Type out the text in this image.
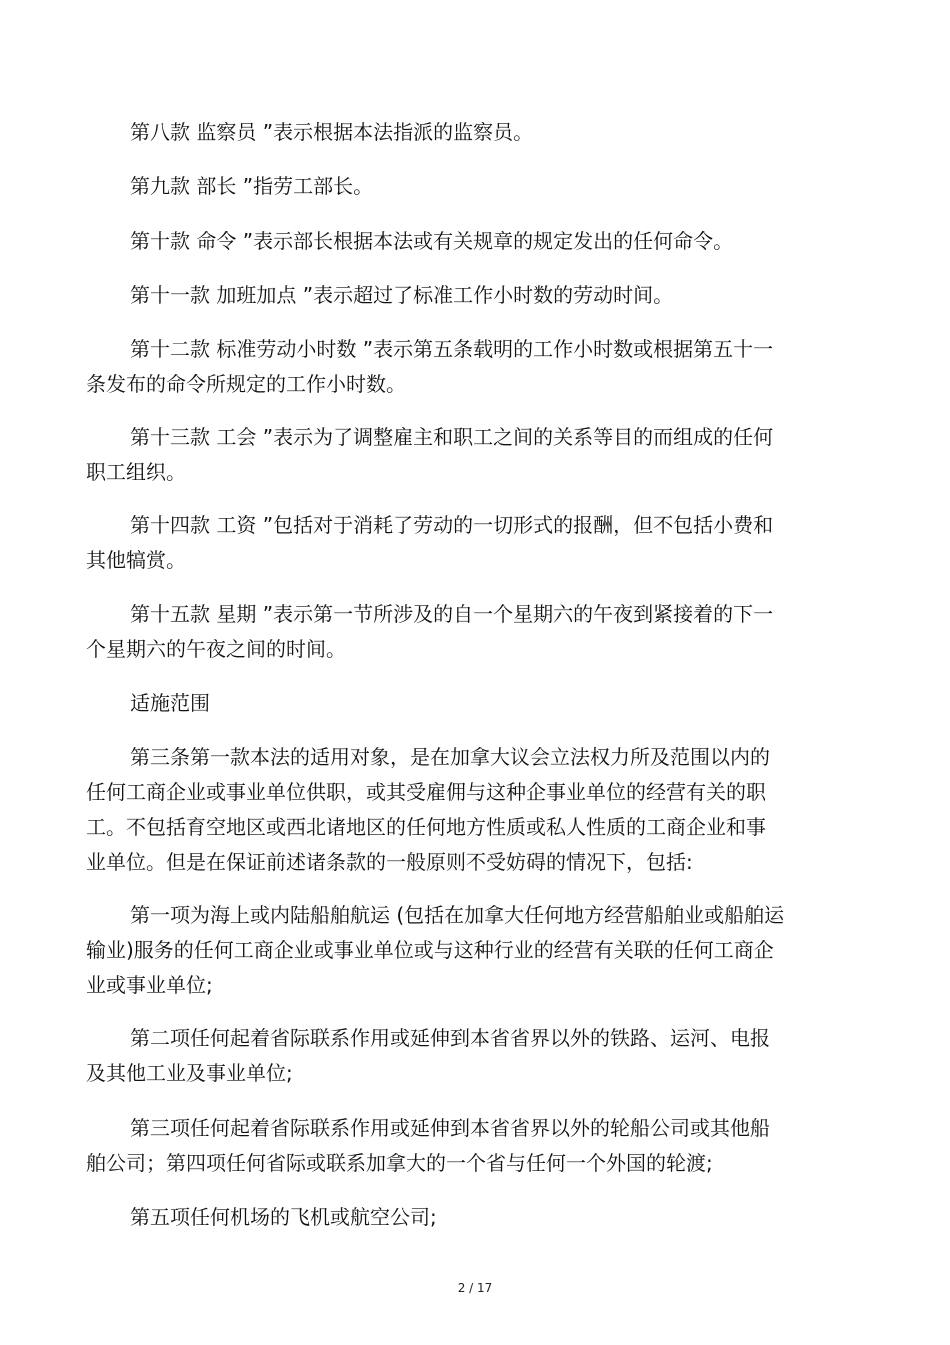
第八款 监察员 ”表示根据本法指派的监察员。
第九款 部长 ”指劳工部长。
第十款 命令 ”表示部长根据本法或有关规章的规定发出的任何命令。
第十一款 加班加点 ”表示超过了标准工作小时数的劳动时间。
第十二款 标准劳动小时数 ”表示第五条载明的工作小时数或根据第五十一
条发布的命令所规定的工作小时数。
第十三款 工会 ”表示为了调整雇主和职工之间的关系等目的而组成的任何
职工组织。
第十四款 工资 ”包括对于消耗了劳动的一切形式的报酬，但不包括小费和
其他犒赏。
第十五款 星期 ”表示第一节所涉及的自一个星期六的午夜到紧接着的下一
个星期六的午夜之间的时间。
适施范围
第三条第一款本法的适用对象，是在加拿大议会立法权力所及范围以内的
任何工商企业或事业单位供职，或其受雇佣与这种企事业单位的经营有关的职
工。不包括育空地区或西北诸地区的任何地方性质或私人性质的工商企业和事
业单位。但是在保证前述诸条款的一般原则不受妨碍的情况下，包括:
第一项为海上或内陆船舶航运 (包括在加拿大任何地方经营船舶业或船舶运
输业)服务的任何工商企业或事业单位或与这种行业的经营有关联的任何工商企
业或事业单位;
第二项任何起着省际联系作用或延伸到本省省界以外的铁路、运河、电报
及其他工业及事业单位;
第三项任何起着省际联系作用或延伸到本省省界以外的轮船公司或其他船
舶公司；第四项任何省际或联系加拿大的一个省与任何一个外国的轮渡;
第五项任何机场的飞机或航空公司;
2 / 17
